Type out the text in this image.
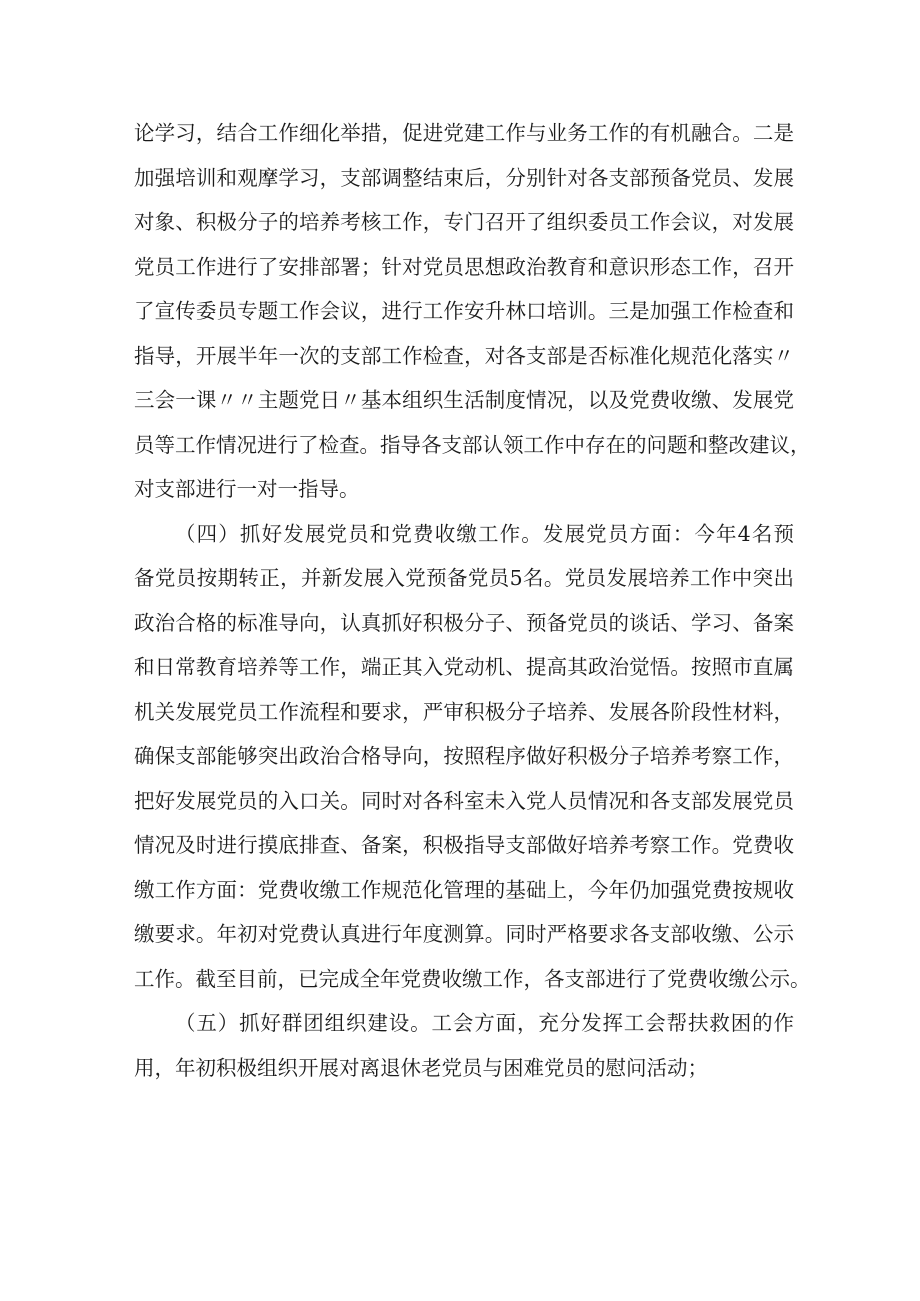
论学习，结合工作细化举措，促进党建工作与业务工作的有机融合。二是
加强培训和观摩学习，支部调整结束后，分别针对各支部预备党员、发展
对象、积极分子的培养考核工作，专门召开了组织委员工作会议，对发展
党员工作进行了安排部署；针对党员思想政治教育和意识形态工作，召开
了宣传委员专题工作会议，进行工作安升林口培训。三是加强工作检查和
指导，开展半年一次的支部工作检查，对各支部是否标准化规范化落实〃
三会一课〃〃主题党日〃基本组织生活制度情况，以及党费收缴、发展党
员等工作情况进行了检查。指导各支部认领工作中存在的问题和整改建议，
对支部进行一对一指导。
（四）抓好发展党员和党费收缴工作。发展党员方面：今年4名预
备党员按期转正，并新发展入党预备党员5名。党员发展培养工作中突出
政治合格的标准导向，认真抓好积极分子、预备党员的谈话、学习、备案
和日常教育培养等工作，端正其入党动机、提高其政治觉悟。按照市直属
机关发展党员工作流程和要求，严审积极分子培养、发展各阶段性材料，
确保支部能够突出政治合格导向，按照程序做好积极分子培养考察工作，
把好发展党员的入口关。同时对各科室未入党人员情况和各支部发展党员
情况及时进行摸底排查、备案，积极指导支部做好培养考察工作。党费收
缴工作方面：党费收缴工作规范化管理的基础上，今年仍加强党费按规收
缴要求。年初对党费认真进行年度测算。同时严格要求各支部收缴、公示
工作。截至目前，已完成全年党费收缴工作，各支部进行了党费收缴公示。
（五）抓好群团组织建设。工会方面，充分发挥工会帮扶救困的作
用，年初积极组织开展对离退休老党员与困难党员的慰问活动；
